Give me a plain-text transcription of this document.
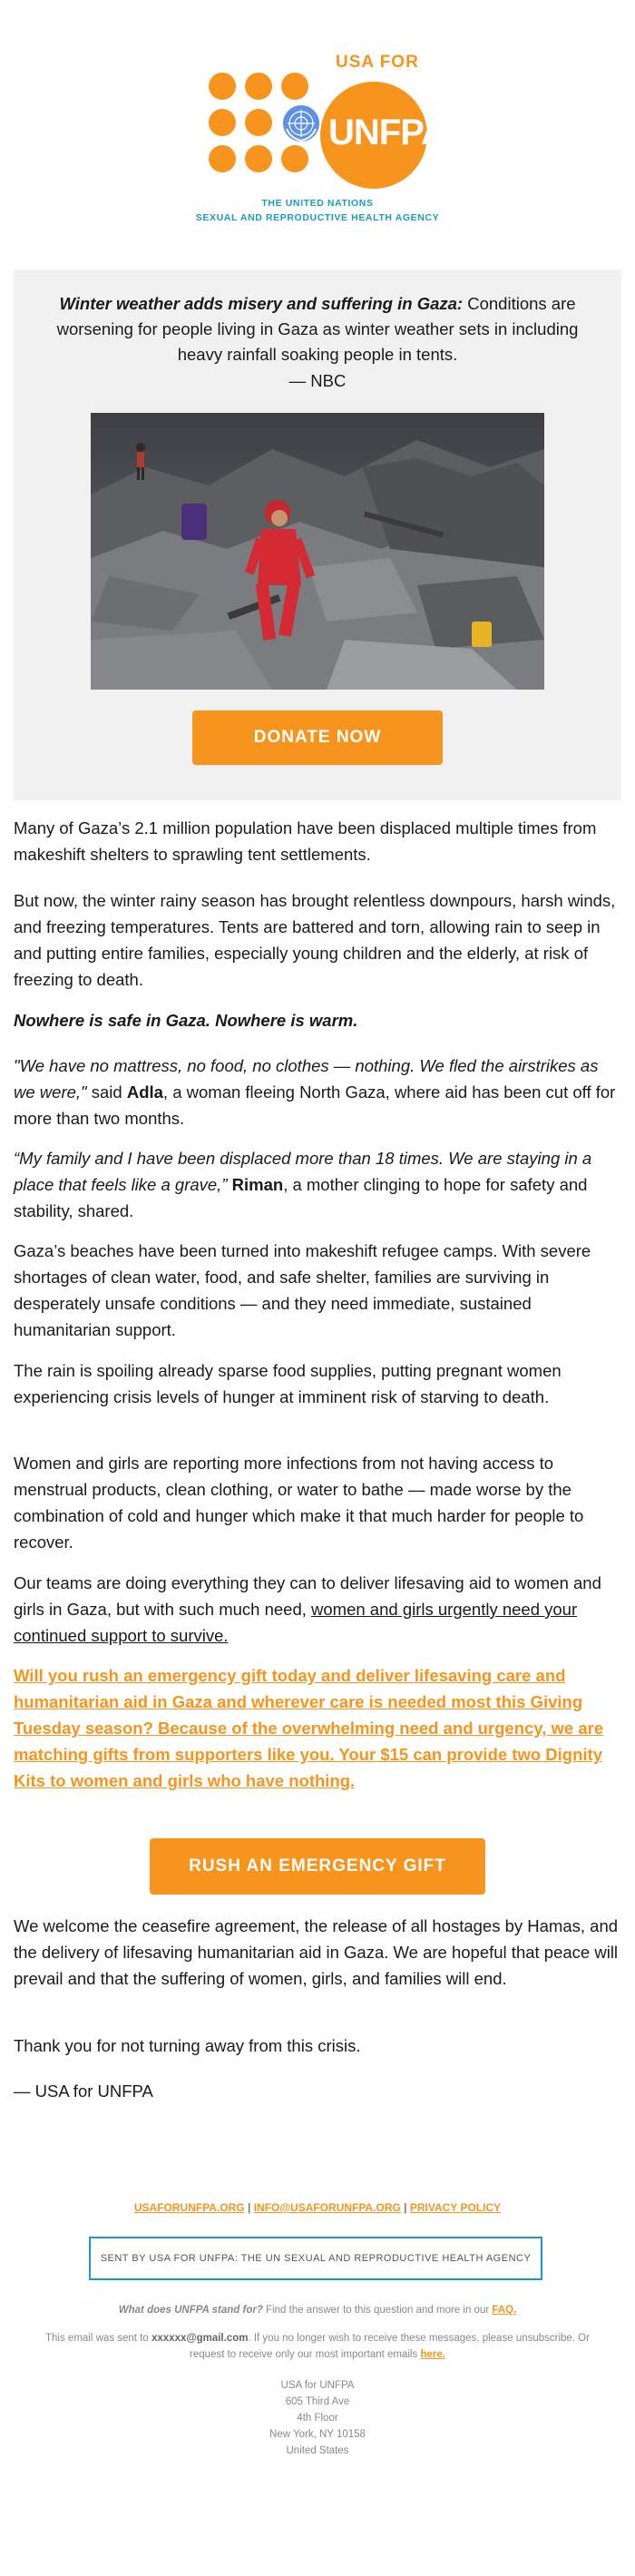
USA FOR
UNFPA
THE UNITED NATIONS
SEXUAL AND REPRODUCTIVE HEALTH AGENCY
Winter weather adds misery and suffering in Gaza: Conditions are worsening for people living in Gaza as winter weather sets in including heavy rainfall soaking people in tents.
— NBC
DONATE NOW

Many of Gaza’s 2.1 million population have been displaced multiple times from makeshift shelters to sprawling tent settlements.

But now, the winter rainy season has brought relentless downpours, harsh winds, and freezing temperatures. Tents are battered and torn, allowing rain to seep in and putting entire families, especially young children and the elderly, at risk of freezing to death.

Nowhere is safe in Gaza. Nowhere is warm.

"We have no mattress, no food, no clothes — nothing. We fled the airstrikes as we were," said Adla, a woman fleeing North Gaza, where aid has been cut off for more than two months.

“My family and I have been displaced more than 18 times. We are staying in a place that feels like a grave,” Riman, a mother clinging to hope for safety and stability, shared.

Gaza’s beaches have been turned into makeshift refugee camps. With severe shortages of clean water, food, and safe shelter, families are surviving in desperately unsafe conditions — and they need immediate, sustained humanitarian support.

The rain is spoiling already sparse food supplies, putting pregnant women experiencing crisis levels of hunger at imminent risk of starving to death.

Women and girls are reporting more infections from not having access to menstrual products, clean clothing, or water to bathe — made worse by the combination of cold and hunger which make it that much harder for people to recover.

Our teams are doing everything they can to deliver lifesaving aid to women and girls in Gaza, but with such much need, women and girls urgently need your continued support to survive.

Will you rush an emergency gift today and deliver lifesaving care and humanitarian aid in Gaza and wherever care is needed most this Giving Tuesday season? Because of the overwhelming need and urgency, we are matching gifts from supporters like you. Your $15 can provide two Dignity Kits to women and girls who have nothing.

We welcome the ceasefire agreement, the release of all hostages by Hamas, and the delivery of lifesaving humanitarian aid in Gaza. We are hopeful that peace will prevail and that the suffering of women, girls, and families will end.

Thank you for not turning away from this crisis.

— USA for UNFPA

RUSH AN EMERGENCY GIFT
USAFORUNFPA.ORG | INFO@USAFORUNFPA.ORG | PRIVACY POLICY
SENT BY USA FOR UNFPA: THE UN SEXUAL AND REPRODUCTIVE HEALTH AGENCY
What does UNFPA stand for? Find the answer to this question and more in our FAQ.
This email was sent to xxxxxx@gmail.com. If you no longer wish to receive these messages, please unsubscribe. Or request to receive only our most important emails here.
USA for UNFPA
605 Third Ave
4th Floor
New York, NY 10158
United States
